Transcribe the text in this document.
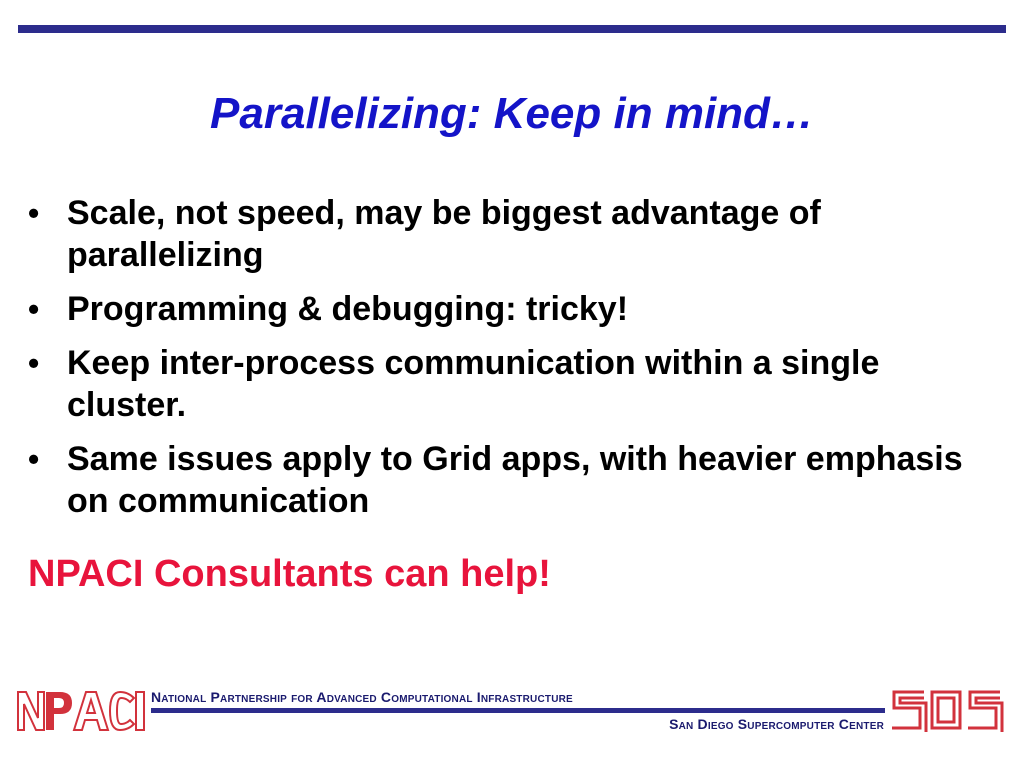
Parallelizing: Keep in mind…
• Scale, not speed, may be biggest advantage of parallelizing
• Programming & debugging: tricky!
• Keep inter-process communication within a single cluster.
• Same issues apply to Grid apps, with heavier emphasis on communication

NPACI Consultants can help!

National Partnership for Advanced Computational Infrastructure
San Diego Supercomputer Center
